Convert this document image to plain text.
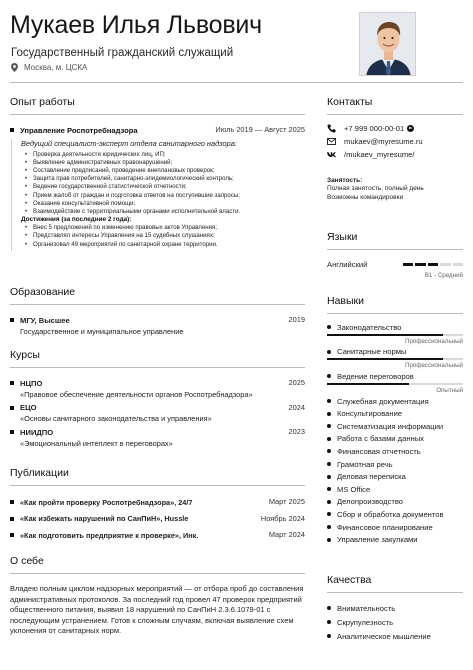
Мукаев Илья Львович
Государственный гражданский служащий
Москва, м. ЦСКА
Опыт работы
Управление Роспотребнадзора	Июль 2019 — Август 2025
Ведущий специалист-эксперт отдела санитарного надзора:
• Проверка деятельности юридических лиц, ИП;
• Выявление административных правонарушений;
• Составление предписаний, проведение внеплановых проверок;
• Защита прав потребителей, санитарно-эпидемиологический контроль;
• Ведение государственной статистической отчетности;
• Прием жалоб от граждан и подготовка ответов на поступившие запросы;
• Оказание консультативной помощи;
• Взаимодействие с территориальными органами исполнительной власти.
Достижения (за последние 2 года):
• Внес 5 предложений по изменению правовых актов Управления;
• Представлял интересы Управления на 15 судебных слушаниях;
• Организовал 49 мероприятий по санитарной охране территории.
Образование
МГУ, Высшее	2019
Государственное и муниципальное управление
Курсы
НЦПО	2025
«Правовое обеспечение деятельности органов Роспотребнадзора»
ЕЦО	2024
«Основы санитарного законодательства и управления»
НИИДПО	2023
«Эмоциональный интеллект в переговорах»
Публикации
«Как пройти проверку Роспотребнадзора», 24/7	Март 2025
«Как избежать нарушений по СанПиН», Hussle	Ноябрь 2024
«Как подготовить предприятие к проверке», Инк.	Март 2024
О себе
Владею полным циклом надзорных мероприятий — от отбора проб до составления административных протоколов. За последний год провел 47 проверок предприятий общественного питания, выявил 18 нарушений по СанПиН 2.3.6.1079-01 с последующим устранением. Готов к сложным случаям, включая выявление схем уклонения от санитарных норм.
Контакты
+7 999 000-00-01
mukaev@myresume.ru
/mukaev_myresume/
Занятость:
Полная занятость, полный день
Возможны командировки
Языки
Английский
B1 - Средний
Навыки
Законодательство
Профессиональный
Санитарные нормы
Профессиональный
Ведение переговоров
Опытный
Служебная документация
Консультирование
Систематизация информации
Работа с базами данных
Финансовая отчетность
Грамотная речь
Деловая переписка
MS Office
Делопроизводство
Сбор и обработка документов
Финансовое планирование
Управление закупками
Качества
Внимательность
Скрупулезность
Аналитическое мышление
